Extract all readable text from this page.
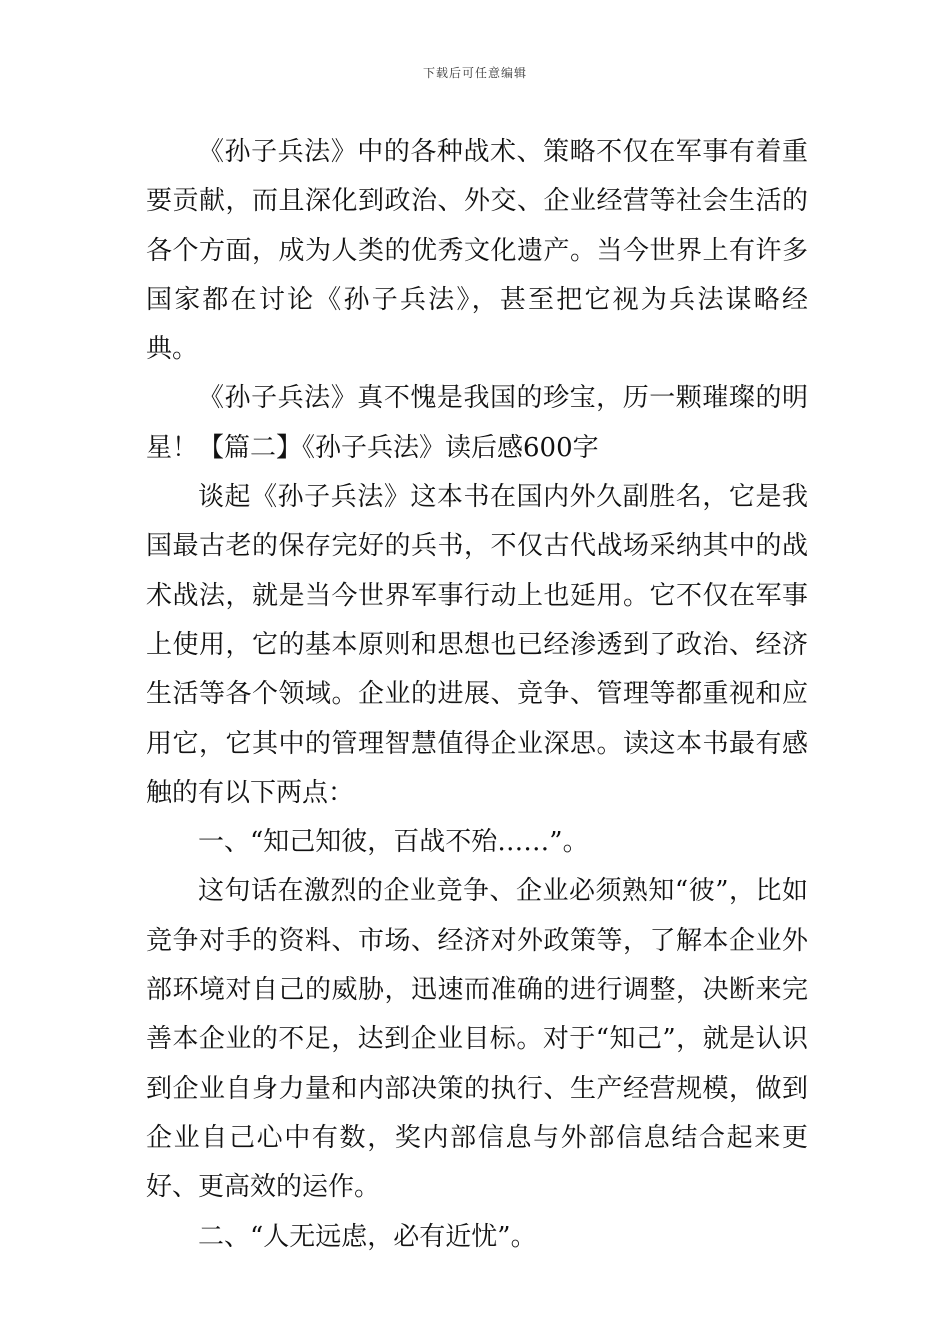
下载后可任意编辑

《孙子兵法》中的各种战术、策略不仅在军事有着重要贡献，而且深化到政治、外交、企业经营等社会生活的各个方面，成为人类的优秀文化遗产。当今世界上有许多国家都在讨论《孙子兵法》，甚至把它视为兵法谋略经典。

《孙子兵法》真不愧是我国的珍宝，历一颗璀璨的明星！【篇二】《孙子兵法》读后感600字

谈起《孙子兵法》这本书在国内外久副胜名，它是我国最古老的保存完好的兵书，不仅古代战场采纳其中的战术战法，就是当今世界军事行动上也延用。它不仅在军事上使用，它的基本原则和思想也已经渗透到了政治、经济生活等各个领域。企业的进展、竞争、管理等都重视和应用它，它其中的管理智慧值得企业深思。读这本书最有感触的有以下两点：

一、“知己知彼，百战不殆……”。

这句话在激烈的企业竞争、企业必须熟知“彼”，比如竞争对手的资料、市场、经济对外政策等，了解本企业外部环境对自己的威胁，迅速而准确的进行调整，决断来完善本企业的不足，达到企业目标。对于“知己”，就是认识到企业自身力量和内部决策的执行、生产经营规模，做到企业自己心中有数，奖内部信息与外部信息结合起来更好、更高效的运作。

二、“人无远虑，必有近忧”。
